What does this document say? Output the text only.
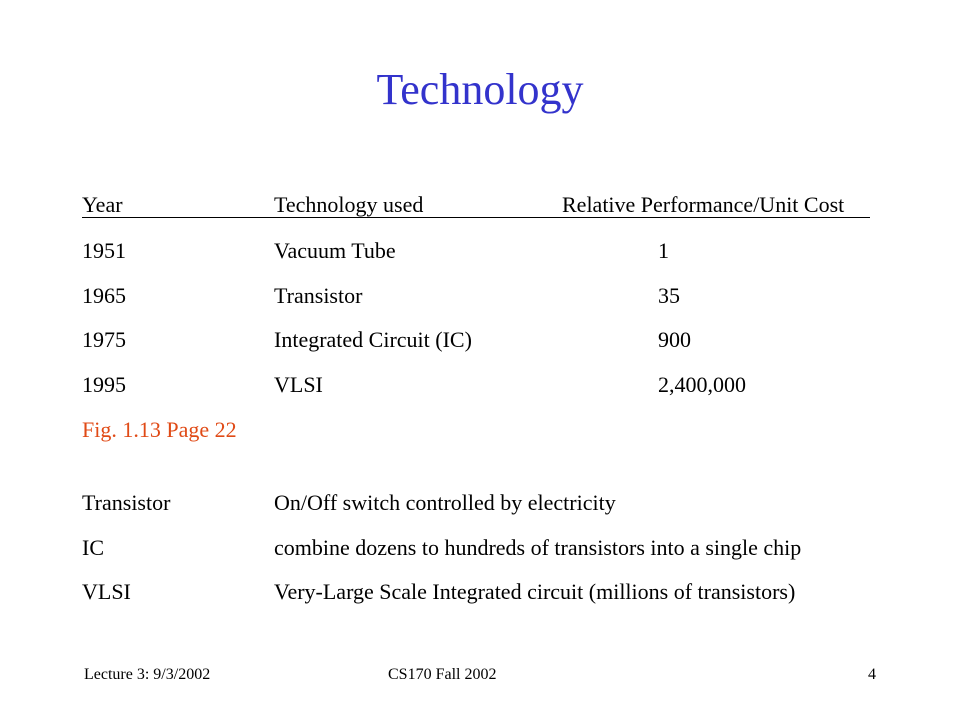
Technology
Year	Technology used	Relative Performance/Unit Cost
1951	Vacuum Tube	1
1965	Transistor	35
1975	Integrated Circuit (IC)	900
1995	VLSI	2,400,000
Fig. 1.13 Page 22
Transistor	On/Off switch controlled by electricity
IC	combine dozens to hundreds of transistors into a single chip
VLSI	Very-Large Scale Integrated circuit (millions of transistors)
Lecture 3: 9/3/2002	CS170 Fall 2002	4
